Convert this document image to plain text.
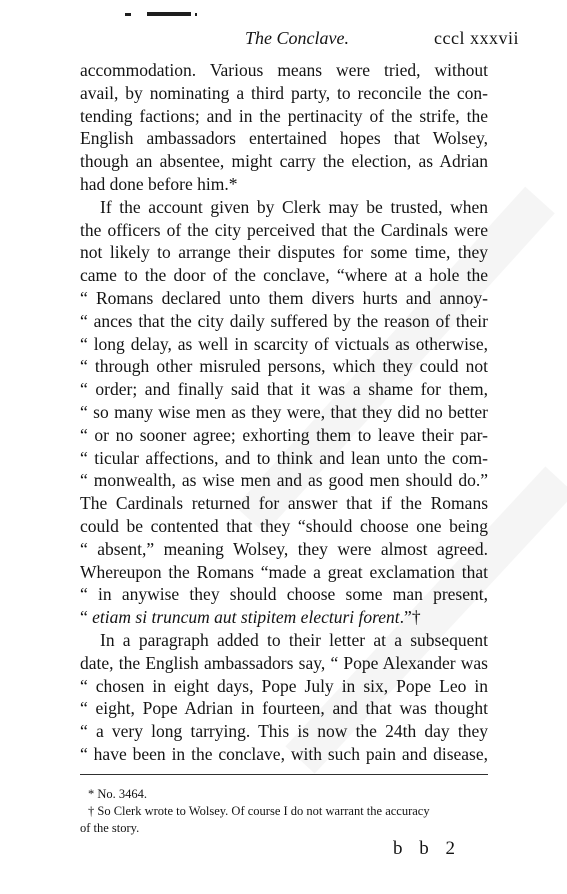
The Conclave.	cccl xxxvii
accommodation. Various means were tried, without
avail, by nominating a third party, to reconcile the con-
tending factions; and in the pertinacity of the strife, the
English ambassadors entertained hopes that Wolsey,
though an absentee, might carry the election, as Adrian
had done before him.*
If the account given by Clerk may be trusted, when
the officers of the city perceived that the Cardinals were
not likely to arrange their disputes for some time, they
came to the door of the conclave, “where at a hole the
“ Romans declared unto them divers hurts and annoy-
“ ances that the city daily suffered by the reason of their
“ long delay, as well in scarcity of victuals as otherwise,
“ through other misruled persons, which they could not
“ order; and finally said that it was a shame for them,
“ so many wise men as they were, that they did no better
“ or no sooner agree; exhorting them to leave their par-
“ ticular affections, and to think and lean unto the com-
“ monwealth, as wise men and as good men should do.”
The Cardinals returned for answer that if the Romans
could be contented that they “should choose one being
“ absent,” meaning Wolsey, they were almost agreed.
Whereupon the Romans “made a great exclamation that
“ in anywise they should choose some man present,
“ etiam si truncum aut stipitem electuri forent.”†
In a paragraph added to their letter at a subsequent
date, the English ambassadors say, “ Pope Alexander was
“ chosen in eight days, Pope July in six, Pope Leo in
“ eight, Pope Adrian in fourteen, and that was thought
“ a very long tarrying. This is now the 24th day they
“ have been in the conclave, with such pain and disease,
* No. 3464.
† So Clerk wrote to Wolsey. Of course I do not warrant the accuracy
of the story.
b b 2
